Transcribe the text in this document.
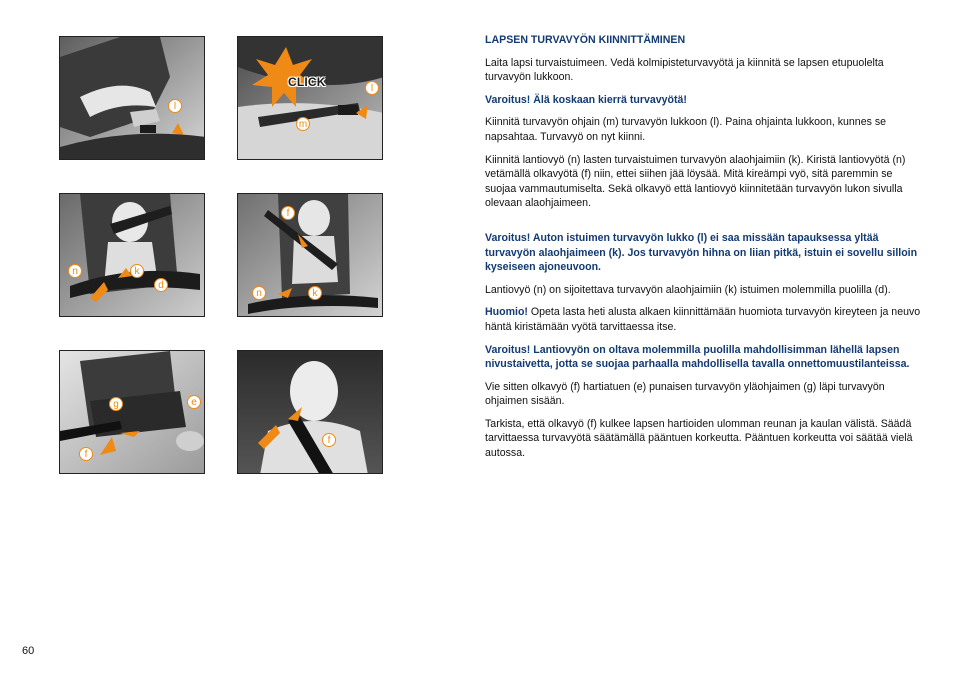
l
CLICK	l
m
n	k
d
f
n	k
g	e
f
f

LAPSEN TURVAVYÖN KIINNITTÄMINEN

Laita lapsi turvaistuimeen. Vedä kolmipisteturvavyötä ja kiinnitä se lapsen etupuolelta turvavyön lukkoon.

Varoitus! Älä koskaan kierrä turvavyötä!

Kiinnitä turvavyön ohjain (m) turvavyön lukkoon (l). Paina ohjainta lukkoon, kunnes se napsahtaa. Turvavyö on nyt kiinni.

Kiinnitä lantiovyö (n) lasten turvaistuimen turvavyön alaohjaimiin (k). Kiristä lantiovyötä (n) vetämällä olkavyötä (f) niin, ettei siihen jää löysää. Mitä kireämpi vyö, sitä paremmin se suojaa vammautumiselta. Sekä olkavyö että lantiovyö kiinnitetään turvavyön lukon sivulla olevaan alaohjaimeen.

Varoitus! Auton istuimen turvavyön lukko (l) ei saa missään tapauksessa yltää turvavyön alaohjaimeen (k). Jos turvavyön hihna on liian pitkä, istuin ei sovellu silloin kyseiseen ajoneuvoon.

Lantiovyö (n) on sijoitettava turvavyön alaohjaimiin (k) istuimen molemmilla puolilla (d).

Huomio! Opeta lasta heti alusta alkaen kiinnittämään huomiota turvavyön kireyteen ja neuvo häntä kiristämään vyötä tarvittaessa itse.

Varoitus! Lantiovyön on oltava molemmilla puolilla mahdollisimman lähellä lapsen nivustaivetta, jotta se suojaa parhaalla mahdollisella tavalla onnettomuustilanteissa.

Vie sitten olkavyö (f) hartiatuen (e) punaisen turvavyön yläohjaimen (g) läpi turvavyön ohjaimen sisään.

Tarkista, että olkavyö (f) kulkee lapsen hartioiden ulomman reunan ja kaulan välistä. Säädä tarvittaessa turvavyötä säätämällä pääntuen korkeutta. Pääntuen korkeutta voi säätää vielä autossa.

60
